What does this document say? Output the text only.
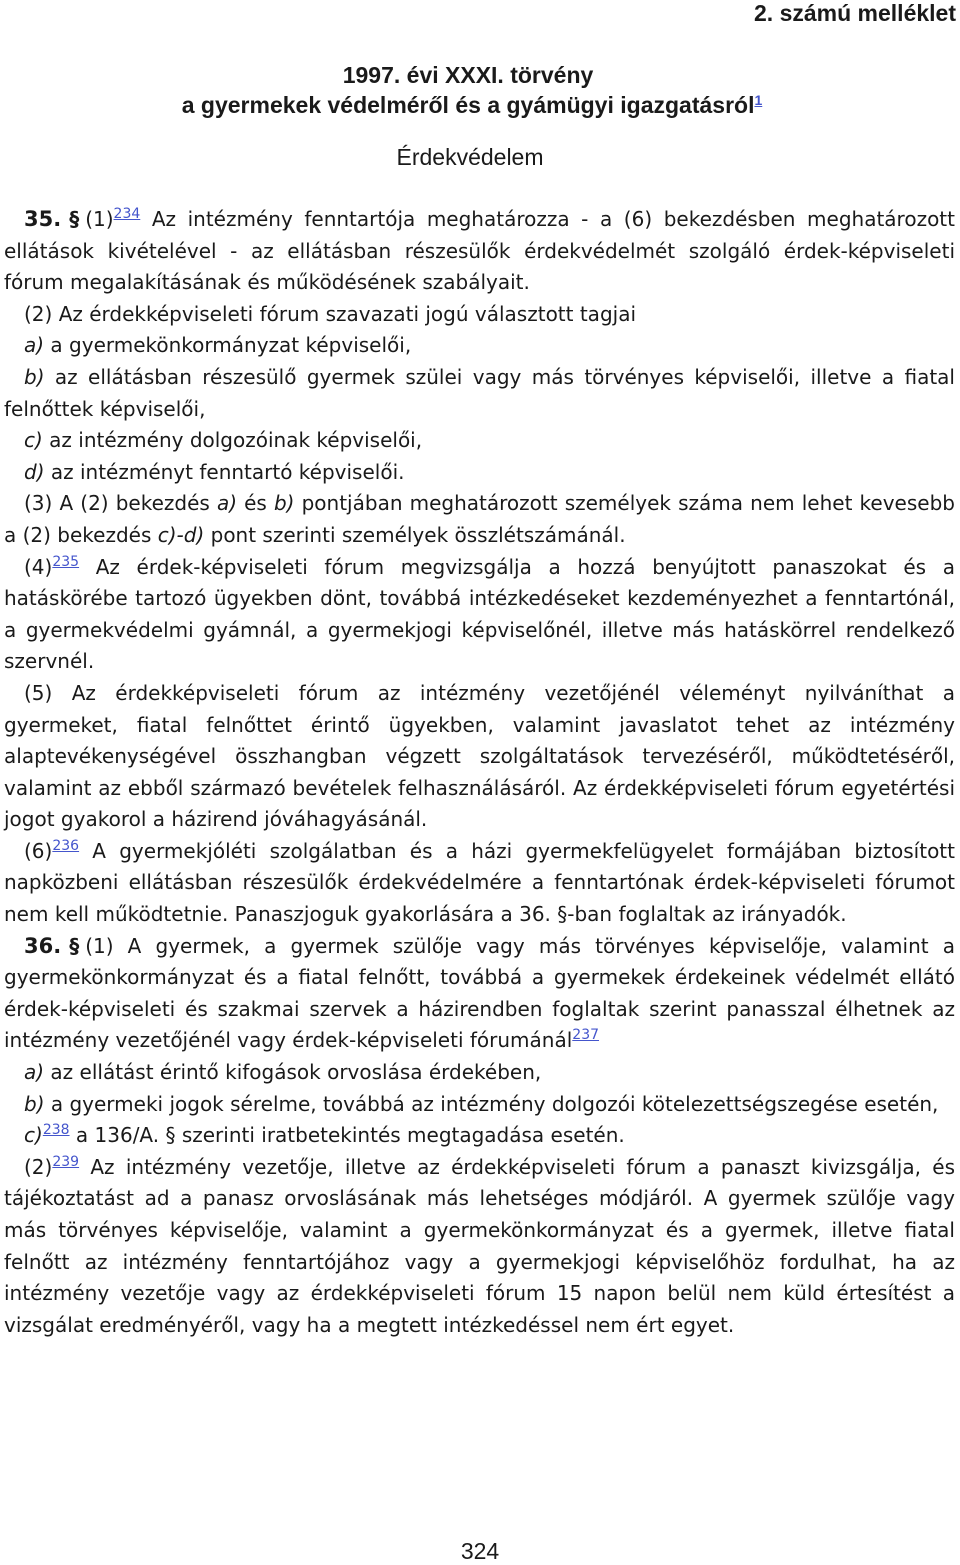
2. számú melléklet
1997. évi XXXI. törvény
a gyermekek védelméről és a gyámügyi igazgatásról$^1$
Érdekvédelem

35. § (1)$^{234}$ Az intézmény fenntartója meghatározza - a (6) bekezdésben meghatározott ellátások kivételével - az ellátásban részesülők érdekvédelmét szolgáló érdek-képviseleti fórum megalakításának és működésének szabályait.

(2) Az érdekképviseleti fórum szavazati jogú választott tagjai

a) a gyermekönkormányzat képviselői,

b) az ellátásban részesülő gyermek szülei vagy más törvényes képviselői, illetve a fiatal felnőttek képviselői,

c) az intézmény dolgozóinak képviselői,

d) az intézményt fenntartó képviselői.

(3) A (2) bekezdés a) és b) pontjában meghatározott személyek száma nem lehet kevesebb a (2) bekezdés c)-d) pont szerinti személyek összlétszámánál.

(4)$^{235}$ Az érdek-képviseleti fórum megvizsgálja a hozzá benyújtott panaszokat és a hatáskörébe tartozó ügyekben dönt, továbbá intézkedéseket kezdeményezhet a fenntartónál, a gyermekvédelmi gyámnál, a gyermekjogi képviselőnél, illetve más hatáskörrel rendelkező szervnél.

(5) Az érdekképviseleti fórum az intézmény vezetőjénél véleményt nyilváníthat a gyermeket, fiatal felnőttet érintő ügyekben, valamint javaslatot tehet az intézmény alaptevékenységével összhangban végzett szolgáltatások tervezéséről, működtetéséről, valamint az ebből származó bevételek felhasználásáról. Az érdekképviseleti fórum egyetértési jogot gyakorol a házirend jóváhagyásánál.

(6)$^{236}$ A gyermekjóléti szolgálatban és a házi gyermekfelügyelet formájában biztosított napközbeni ellátásban részesülők érdekvédelmére a fenntartónak érdek-képviseleti fórumot nem kell működtetnie. Panaszjoguk gyakorlására a 36. §-ban foglaltak az irányadók.

36. § (1) A gyermek, a gyermek szülője vagy más törvényes képviselője, valamint a gyermekönkormányzat és a fiatal felnőtt, továbbá a gyermekek érdekeinek védelmét ellátó érdek-képviseleti és szakmai szervek a házirendben foglaltak szerint panasszal élhetnek az intézmény vezetőjénél vagy érdek-képviseleti fórumánál$^{237}$

a) az ellátást érintő kifogások orvoslása érdekében,

b) a gyermeki jogok sérelme, továbbá az intézmény dolgozói kötelezettségszegése esetén,

c)$^{238}$ a 136/A. § szerinti iratbetekintés megtagadása esetén.

(2)$^{239}$ Az intézmény vezetője, illetve az érdekképviseleti fórum a panaszt kivizsgálja, és tájékoztatást ad a panasz orvoslásának más lehetséges módjáról. A gyermek szülője vagy más törvényes képviselője, valamint a gyermekönkormányzat és a gyermek, illetve fiatal felnőtt az intézmény fenntartójához vagy a gyermekjogi képviselőhöz fordulhat, ha az intézmény vezetője vagy az érdekképviseleti fórum 15 napon belül nem küld értesítést a vizsgálat eredményéről, vagy ha a megtett intézkedéssel nem ért egyet.

324
